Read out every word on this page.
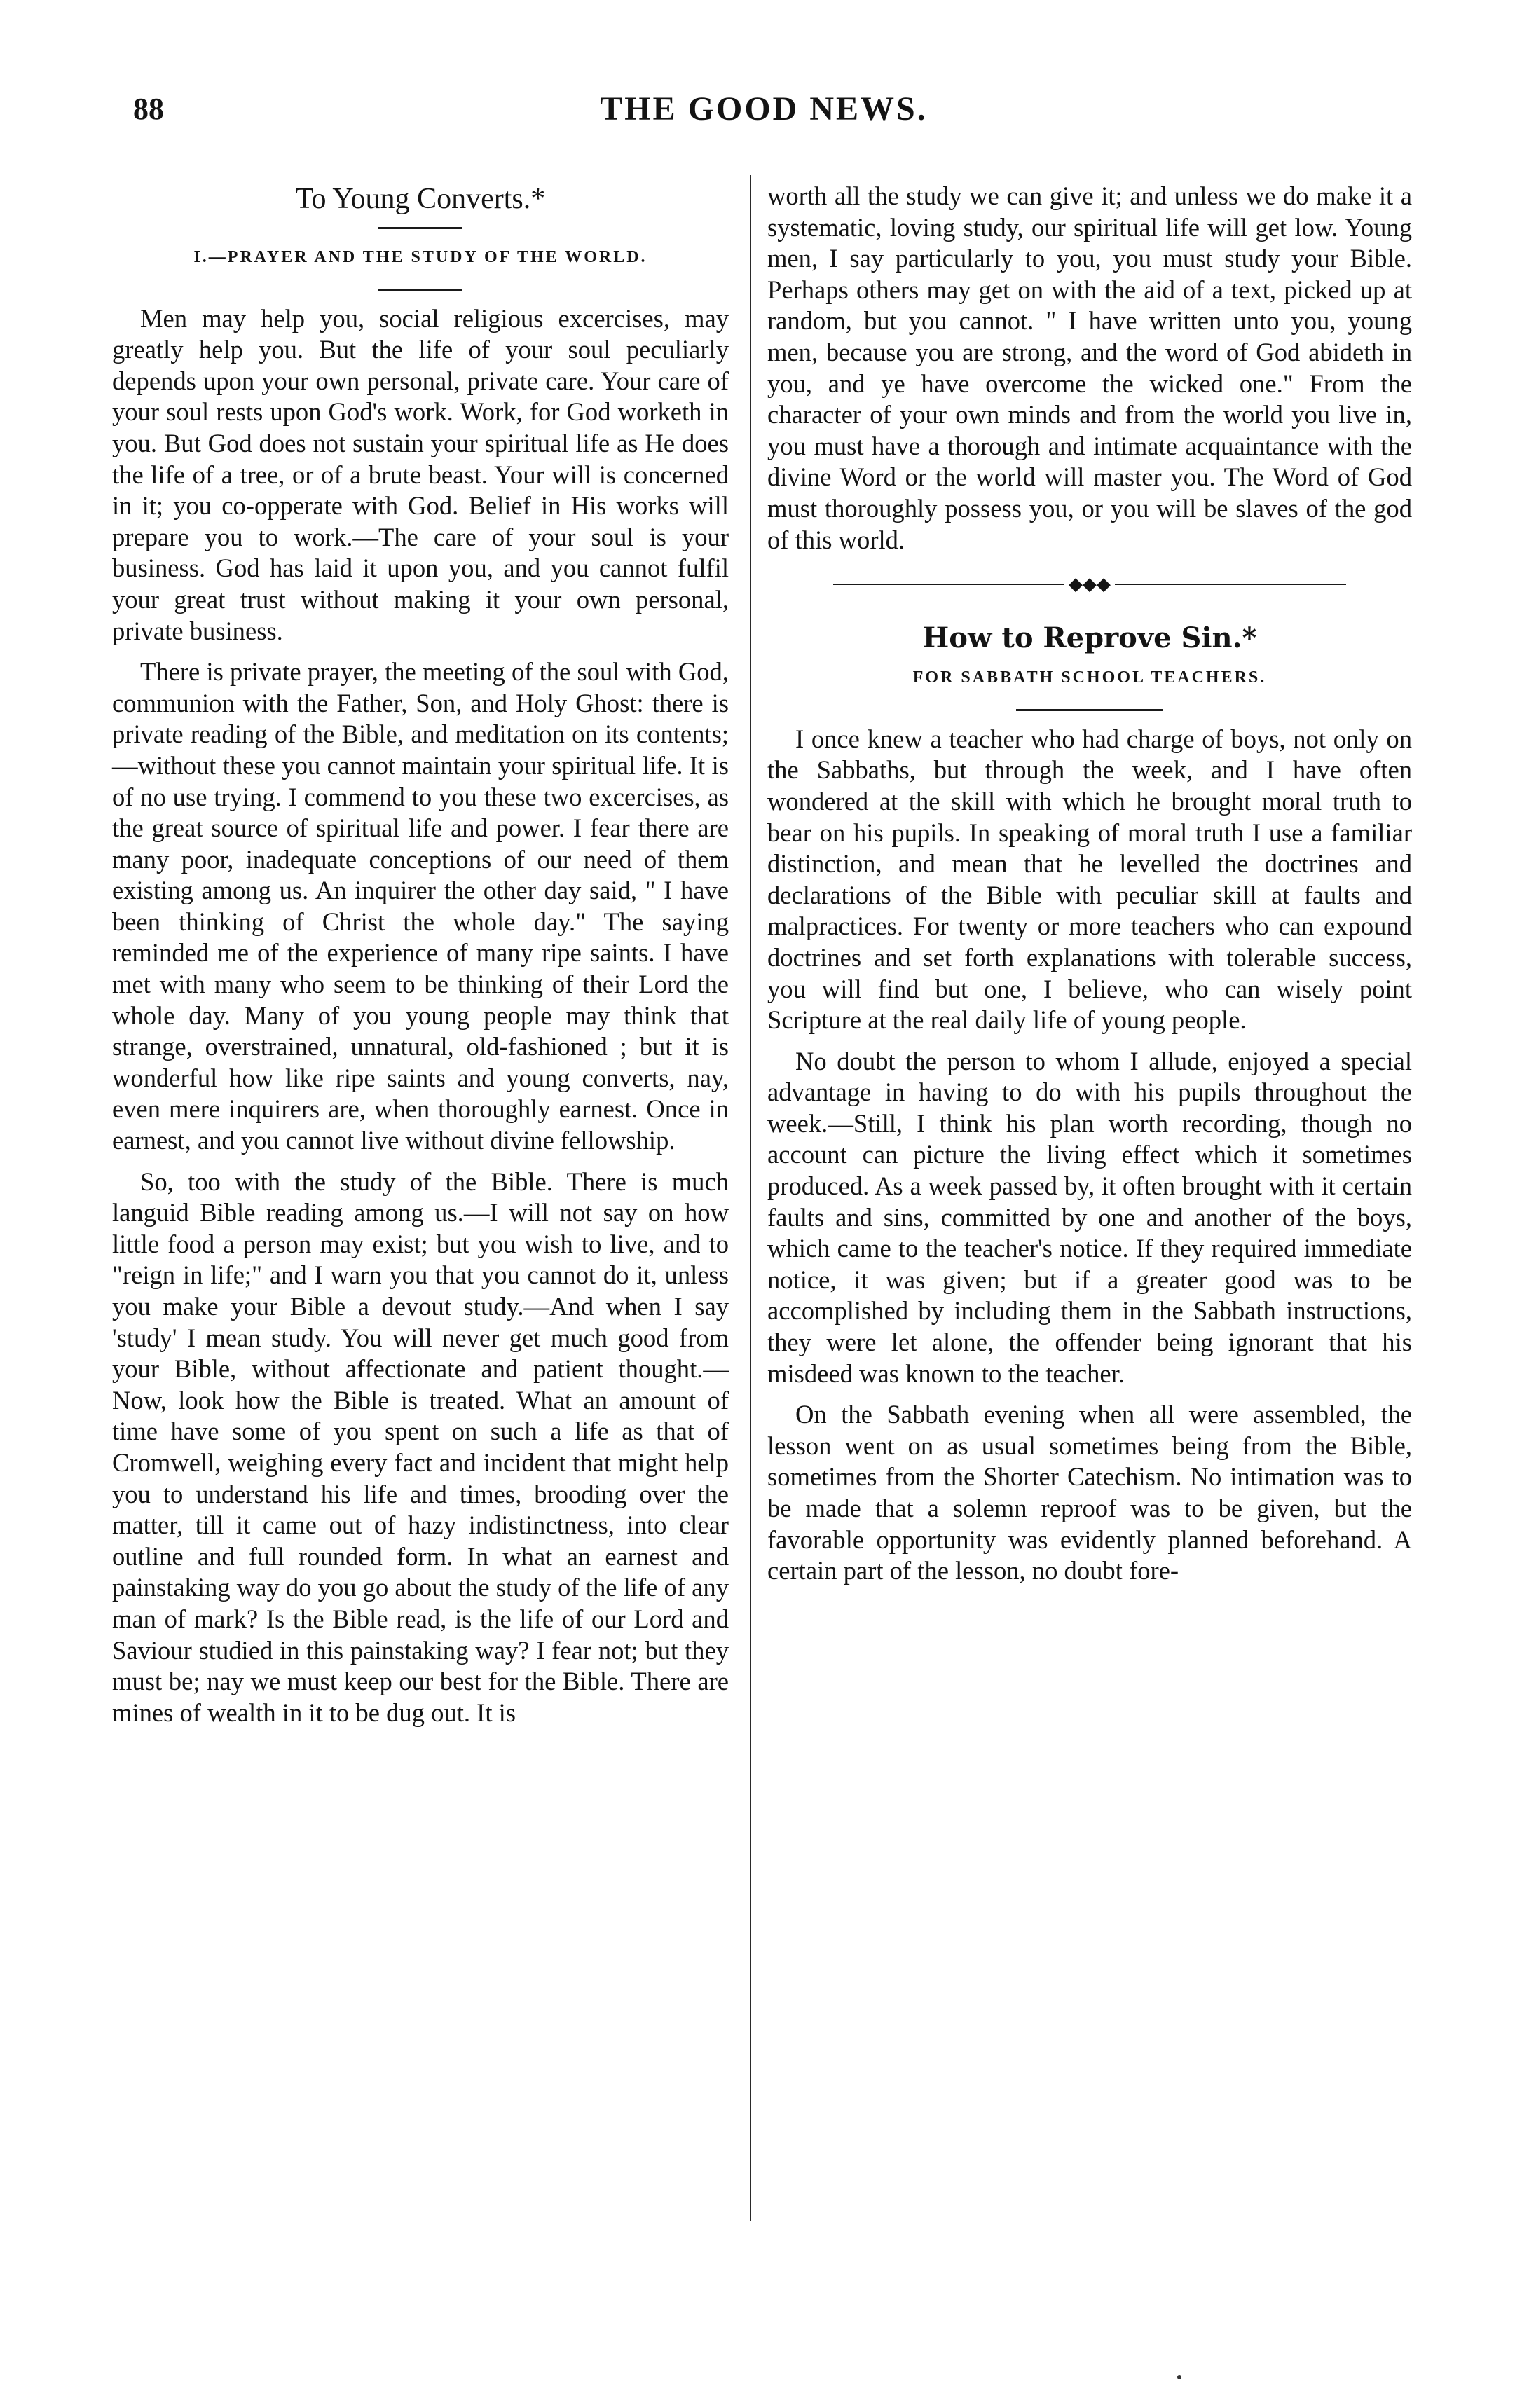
88	THE GOOD NEWS.
To Young Converts.*
I.—PRAYER AND THE STUDY OF THE WORLD.

Men may help you, social religious excercises, may greatly help you. But the life of your soul peculiarly depends upon your own personal, private care. Your care of your soul rests upon God's work. Work, for God worketh in you. But God does not sustain your spiritual life as He does the life of a tree, or of a brute beast. Your will is concerned in it; you co-opperate with God. Belief in His works will prepare you to work.—The care of your soul is your business. God has laid it upon you, and you cannot fulfil your great trust without making it your own personal, private business.

There is private prayer, the meeting of the soul with God, communion with the Father, Son, and Holy Ghost: there is private reading of the Bible, and meditation on its contents; —without these you cannot maintain your spiritual life. It is of no use trying. I commend to you these two excercises, as the great source of spiritual life and power. I fear there are many poor, inadequate conceptions of our need of them existing among us. An inquirer the other day said, " I have been thinking of Christ the whole day." The saying reminded me of the experience of many ripe saints. I have met with many who seem to be thinking of their Lord the whole day. Many of you young people may think that strange, overstrained, unnatural, old-fashioned ; but it is wonderful how like ripe saints and young converts, nay, even mere inquirers are, when thoroughly earnest. Once in earnest, and you cannot live without divine fellowship.

So, too with the study of the Bible. There is much languid Bible reading among us.—I will not say on how little food a person may exist; but you wish to live, and to "reign in life;" and I warn you that you cannot do it, unless you make your Bible a devout study.—And when I say 'study' I mean study. You will never get much good from your Bible, without affectionate and patient thought.—Now, look how the Bible is treated. What an amount of time have some of you spent on such a life as that of Cromwell, weighing every fact and incident that might help you to understand his life and times, brooding over the matter, till it came out of hazy indistinctness, into clear outline and full rounded form. In what an earnest and painstaking way do you go about the study of the life of any man of mark? Is the Bible read, is the life of our Lord and Saviour studied in this painstaking way? I fear not; but they must be; nay we must keep our best for the Bible. There are mines of wealth in it to be dug out. It is

worth all the study we can give it; and unless we do make it a systematic, loving study, our spiritual life will get low. Young men, I say particularly to you, you must study your Bible. Perhaps others may get on with the aid of a text, picked up at random, but you cannot. " I have written unto you, young men, because you are strong, and the word of God abideth in you, and ye have overcome the wicked one." From the character of your own minds and from the world you live in, you must have a thorough and intimate acquaintance with the divine Word or the world will master you. The Word of God must thoroughly possess you, or you will be slaves of the god of this world.

◆◆◆
How to Reprove Sin.*
FOR SABBATH SCHOOL TEACHERS.

I once knew a teacher who had charge of boys, not only on the Sabbaths, but through the week, and I have often wondered at the skill with which he brought moral truth to bear on his pupils. In speaking of moral truth I use a familiar distinction, and mean that he levelled the doctrines and declarations of the Bible with peculiar skill at faults and malpractices. For twenty or more teachers who can expound doctrines and set forth explanations with tolerable success, you will find but one, I believe, who can wisely point Scripture at the real daily life of young people.

No doubt the person to whom I allude, enjoyed a special advantage in having to do with his pupils throughout the week.—Still, I think his plan worth recording, though no account can picture the living effect which it sometimes produced. As a week passed by, it often brought with it certain faults and sins, committed by one and another of the boys, which came to the teacher's notice. If they required immediate notice, it was given; but if a greater good was to be accomplished by including them in the Sabbath instructions, they were let alone, the offender being ignorant that his misdeed was known to the teacher.

On the Sabbath evening when all were assembled, the lesson went on as usual sometimes being from the Bible, sometimes from the Shorter Catechism. No intimation was to be made that a solemn reproof was to be given, but the favorable opportunity was evidently planned beforehand. A certain part of the lesson, no doubt fore-
